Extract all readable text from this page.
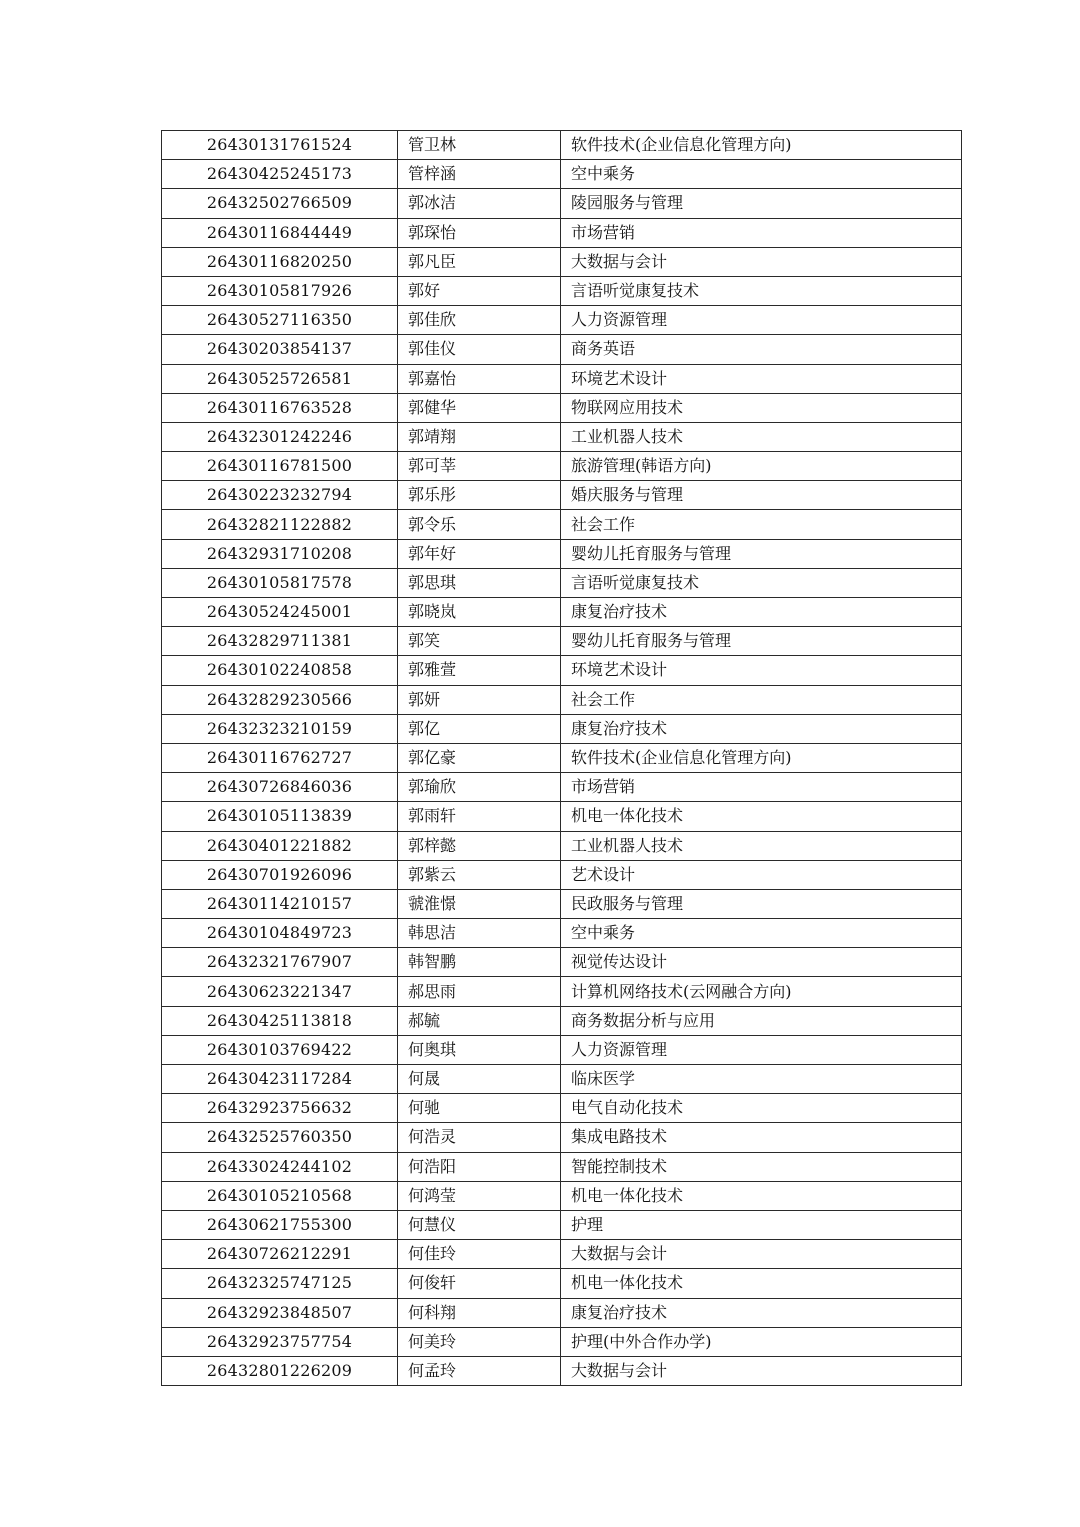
26430131761524	管卫林	软件技术(企业信息化管理方向)
26430425245173	管梓涵	空中乘务
26432502766509	郭冰洁	陵园服务与管理
26430116844449	郭琛怡	市场营销
26430116820250	郭凡臣	大数据与会计
26430105817926	郭好	言语听觉康复技术
26430527116350	郭佳欣	人力资源管理
26430203854137	郭佳仪	商务英语
26430525726581	郭嘉怡	环境艺术设计
26430116763528	郭健华	物联网应用技术
26432301242246	郭靖翔	工业机器人技术
26430116781500	郭可莘	旅游管理(韩语方向)
26430223232794	郭乐彤	婚庆服务与管理
26432821122882	郭令乐	社会工作
26432931710208	郭年好	婴幼儿托育服务与管理
26430105817578	郭思琪	言语听觉康复技术
26430524245001	郭晓岚	康复治疗技术
26432829711381	郭笑	婴幼儿托育服务与管理
26430102240858	郭雅萱	环境艺术设计
26432829230566	郭妍	社会工作
26432323210159	郭亿	康复治疗技术
26430116762727	郭亿豪	软件技术(企业信息化管理方向)
26430726846036	郭瑜欣	市场营销
26430105113839	郭雨轩	机电一体化技术
26430401221882	郭梓懿	工业机器人技术
26430701926096	郭紫云	艺术设计
26430114210157	虢淮憬	民政服务与管理
26430104849723	韩思洁	空中乘务
26432321767907	韩智鹏	视觉传达设计
26430623221347	郝思雨	计算机网络技术(云网融合方向)
26430425113818	郝毓	商务数据分析与应用
26430103769422	何奥琪	人力资源管理
26430423117284	何晟	临床医学
26432923756632	何驰	电气自动化技术
26432525760350	何浩灵	集成电路技术
26433024244102	何浩阳	智能控制技术
26430105210568	何鸿莹	机电一体化技术
26430621755300	何慧仪	护理
26430726212291	何佳玲	大数据与会计
26432325747125	何俊轩	机电一体化技术
26432923848507	何科翔	康复治疗技术
26432923757754	何美玲	护理(中外合作办学)
26432801226209	何孟玲	大数据与会计
